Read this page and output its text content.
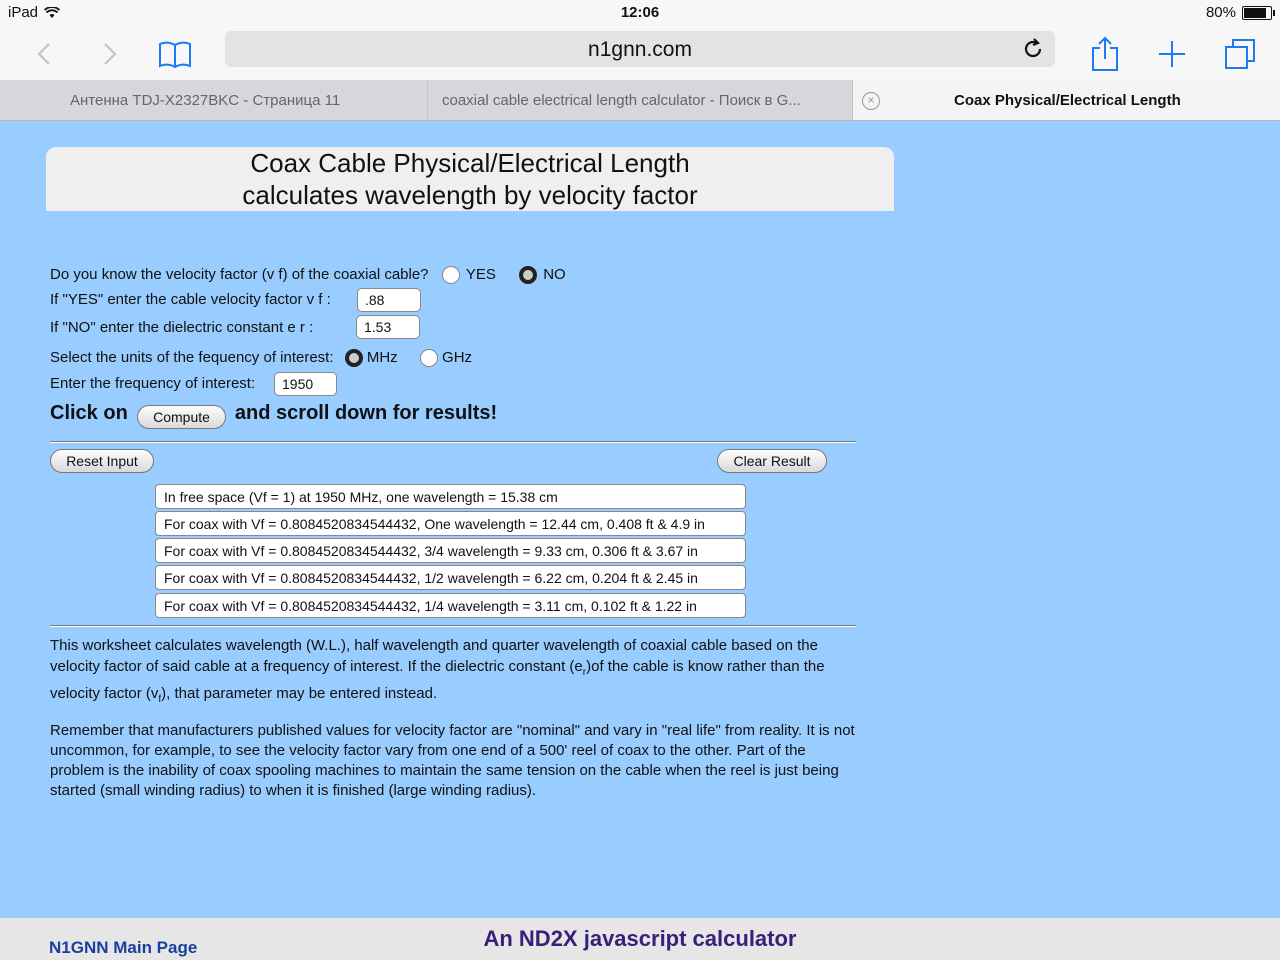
iPad	12:06	80%
n1gnn.com
Антенна TDJ-X2327BKC - Страница 11	coaxial cable electrical length calculator - Поиск в G...	Coax Physical/Electrical Length
×
Coax Cable Physical/Electrical Length
calculates wavelength by velocity factor
Do you know the velocity factor (v f) of the coaxial cable? YES	NO
If "YES" enter the cable velocity factor v f :	.88
If "NO" enter the dielectric constant e r :	1.53
Select the units of the fequency of interest: MHz	GHz
Enter the frequency of interest:	1950
Click on	and scroll down for results!
Compute
Reset Input	Clear Result
In free space (Vf = 1) at 1950 MHz, one wavelength = 15.38 cm
For coax with Vf = 0.8084520834544432, One wavelength = 12.44 cm, 0.408 ft & 4.9 in
For coax with Vf = 0.8084520834544432, 3/4 wavelength = 9.33 cm, 0.306 ft & 3.67 in
For coax with Vf = 0.8084520834544432, 1/2 wavelength = 6.22 cm, 0.204 ft & 2.45 in
For coax with Vf = 0.8084520834544432, 1/4 wavelength = 3.11 cm, 0.102 ft & 1.22 in
This worksheet calculates wavelength (W.L.), half wavelength and quarter wavelength of coaxial cable based on the velocity factor of said cable at a frequency of interest. If the dielectric constant $(e_r)of$ the cable is know rather than the velocity factor $(v_f)$, that parameter may be entered instead.
Remember that manufacturers published values for velocity factor are "nominal" and vary in "real life" from reality. It is not uncommon, for example, to see the velocity factor vary from one end of a 500' reel of coax to the other. Part of the problem is the inability of coax spooling machines to maintain the same tension on the cable when the reel is just being started (small winding radius) to when it is finished (large winding radius).
An ND2X javascript calculator
N1GNN Main Page
